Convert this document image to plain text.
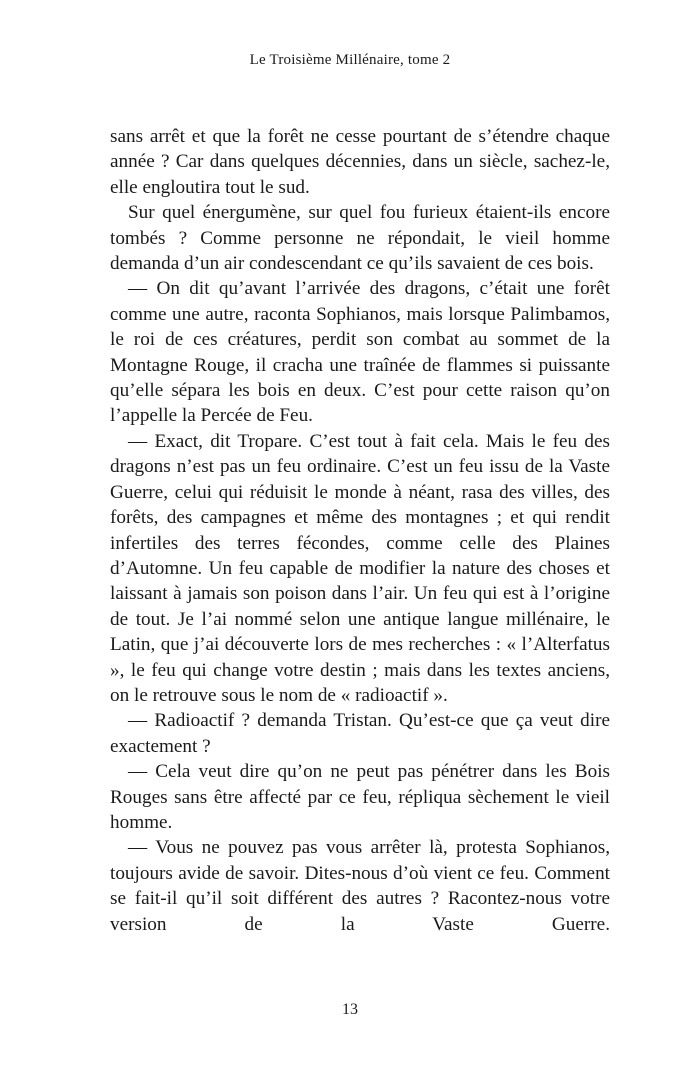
Le Troisième Millénaire, tome 2

sans arrêt et que la forêt ne cesse pourtant de s’étendre chaque année ? Car dans quelques décennies, dans un siècle, sachez-le, elle engloutira tout le sud.

Sur quel énergumène, sur quel fou furieux étaient-ils encore tombés ? Comme personne ne répondait, le vieil homme demanda d’un air condescendant ce qu’ils savaient de ces bois.

— On dit qu’avant l’arrivée des dragons, c’était une forêt comme une autre, raconta Sophianos, mais lorsque Palimbamos, le roi de ces créatures, perdit son combat au sommet de la Montagne Rouge, il cracha une traînée de flammes si puissante qu’elle sépara les bois en deux. C’est pour cette raison qu’on l’appelle la Percée de Feu.

— Exact, dit Tropare. C’est tout à fait cela. Mais le feu des dragons n’est pas un feu ordinaire. C’est un feu issu de la Vaste Guerre, celui qui réduisit le monde à néant, rasa des villes, des forêts, des campagnes et même des montagnes ; et qui rendit infertiles des terres fécondes, comme celle des Plaines d’Automne. Un feu capable de modifier la nature des choses et laissant à jamais son poison dans l’air. Un feu qui est à l’origine de tout. Je l’ai nommé selon une antique langue millénaire, le Latin, que j’ai découverte lors de mes recherches : « l’Alterfatus », le feu qui change votre destin ; mais dans les textes anciens, on le retrouve sous le nom de « radioactif ».

— Radioactif ? demanda Tristan. Qu’est-ce que ça veut dire exactement ?

— Cela veut dire qu’on ne peut pas pénétrer dans les Bois Rouges sans être affecté par ce feu, répliqua sèchement le vieil homme.

— Vous ne pouvez pas vous arrêter là, protesta Sophianos, toujours avide de savoir. Dites-nous d’où vient ce feu. Comment se fait-il qu’il soit différent des autres ? Racontez-nous votre version de la Vaste Guerre.

13
